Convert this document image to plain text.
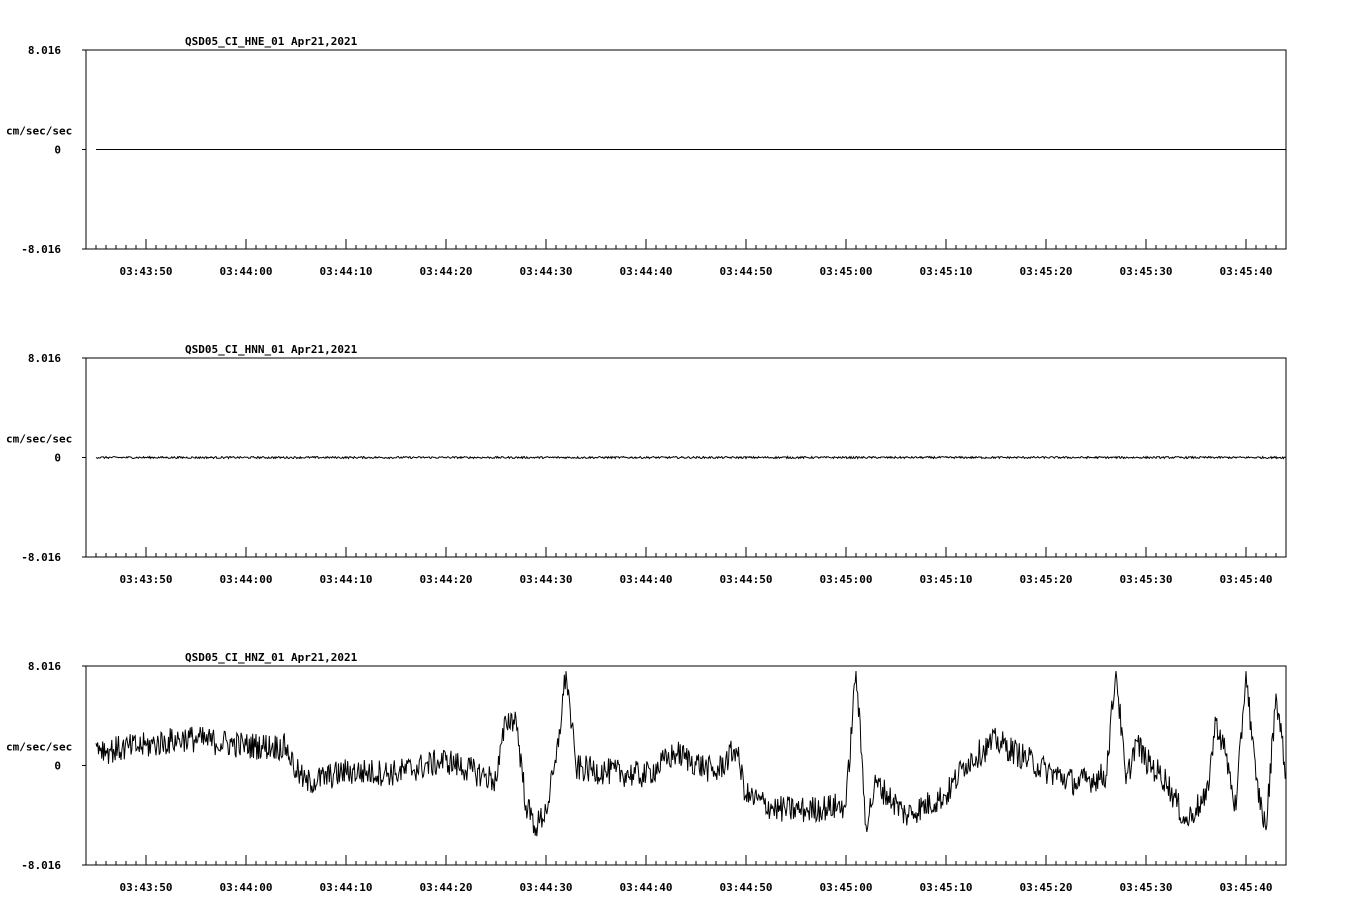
QSD05_CI_HNE_01 Apr21,2021
8.016
0
-8.016
cm/sec/sec
03:43:50	03:44:00	03:44:10	03:44:20	03:44:30	03:44:40	03:44:50	03:45:00	03:45:10	03:45:20	03:45:30	03:45:40
QSD05_CI_HNN_01 Apr21,2021
8.016
0
-8.016
cm/sec/sec
03:43:50	03:44:00	03:44:10	03:44:20	03:44:30	03:44:40	03:44:50	03:45:00	03:45:10	03:45:20	03:45:30	03:45:40
QSD05_CI_HNZ_01 Apr21,2021
8.016
0
-8.016
cm/sec/sec
03:43:50	03:44:00	03:44:10	03:44:20	03:44:30	03:44:40	03:44:50	03:45:00	03:45:10	03:45:20	03:45:30	03:45:40
